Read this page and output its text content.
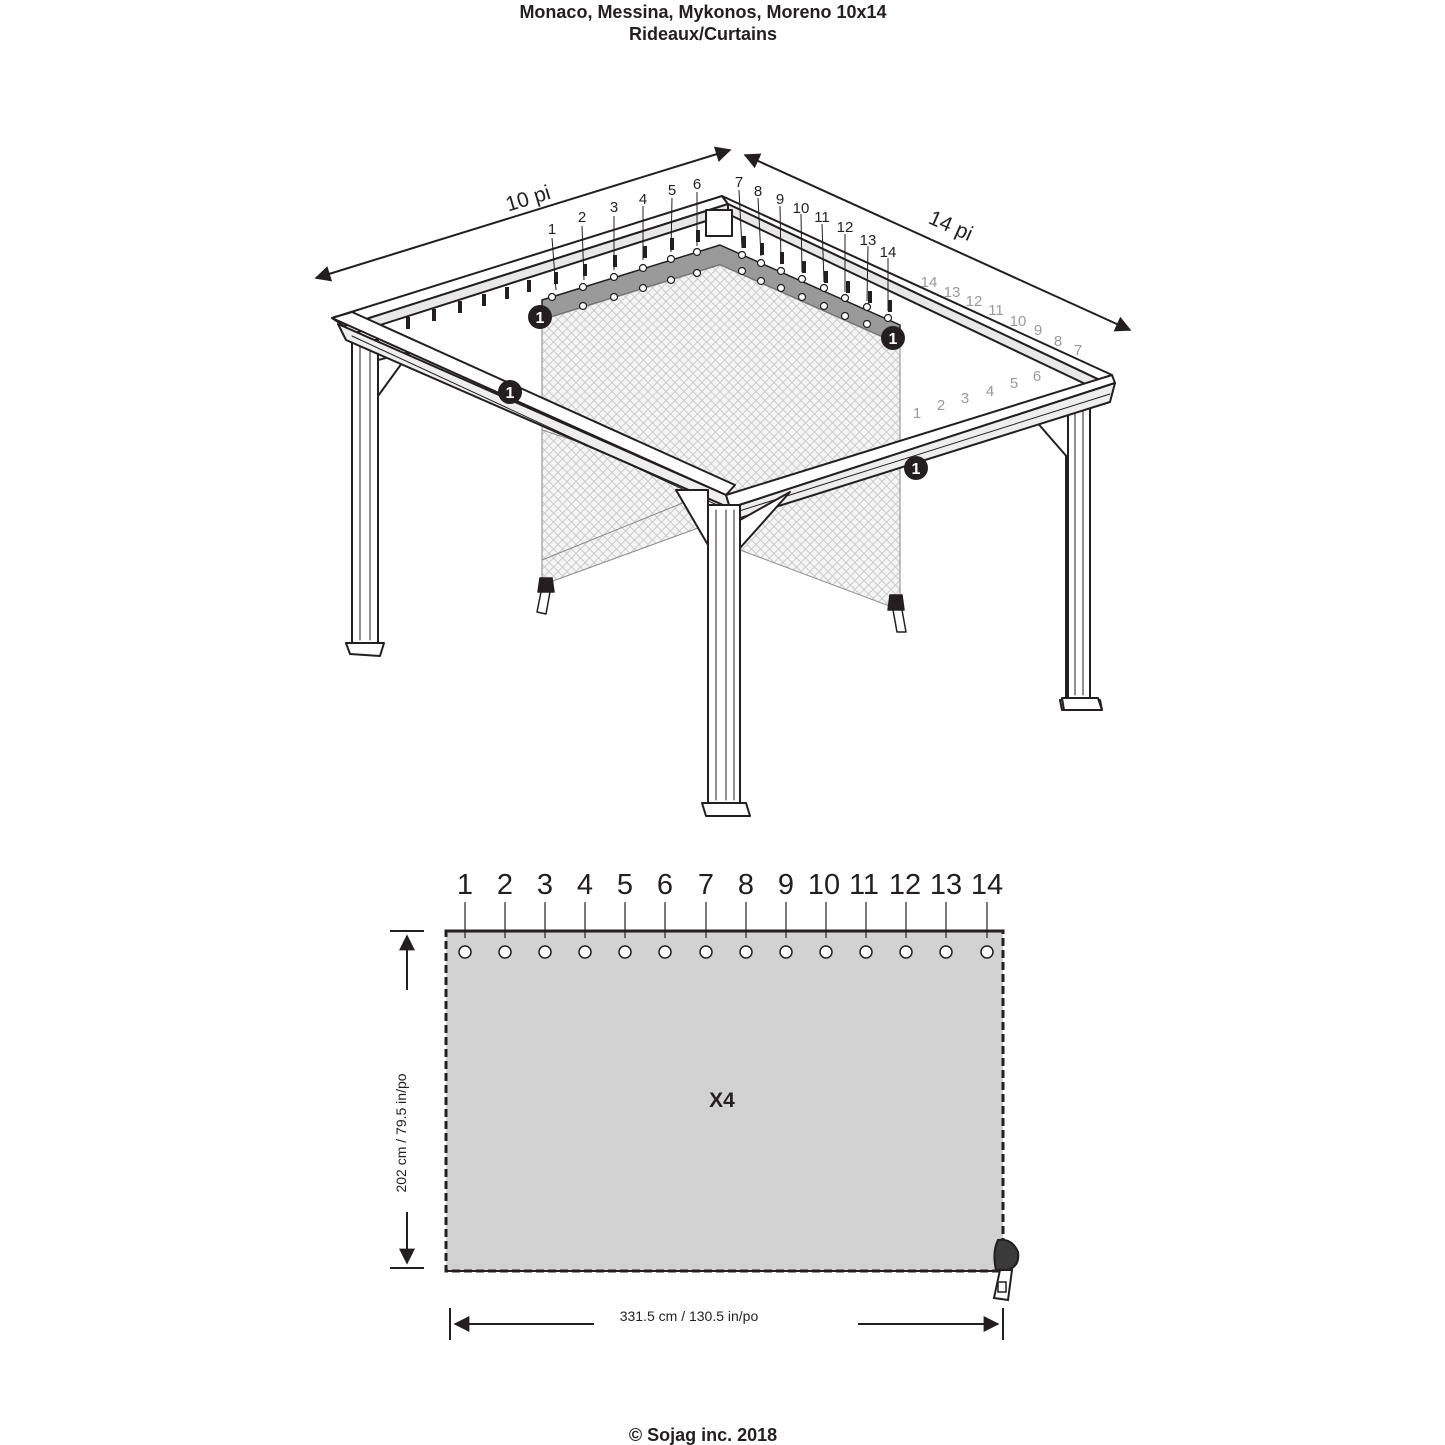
Monaco, Messina, Mykonos, Moreno 10x14
Rideaux/Curtains
10 pi
14 pi
1
2
3 4
5 6 7
8 9
10
11
12
13
14
14
13
12
11
10
9
8
7
1 2 3 4 5 6
1
1
1
1
1 2 3 4 5 6 7 8 9 10 11 12 13 14
X4
202 cm / 79.5 in/po
331.5 cm / 130.5 in/po
© Sojag inc. 2018
